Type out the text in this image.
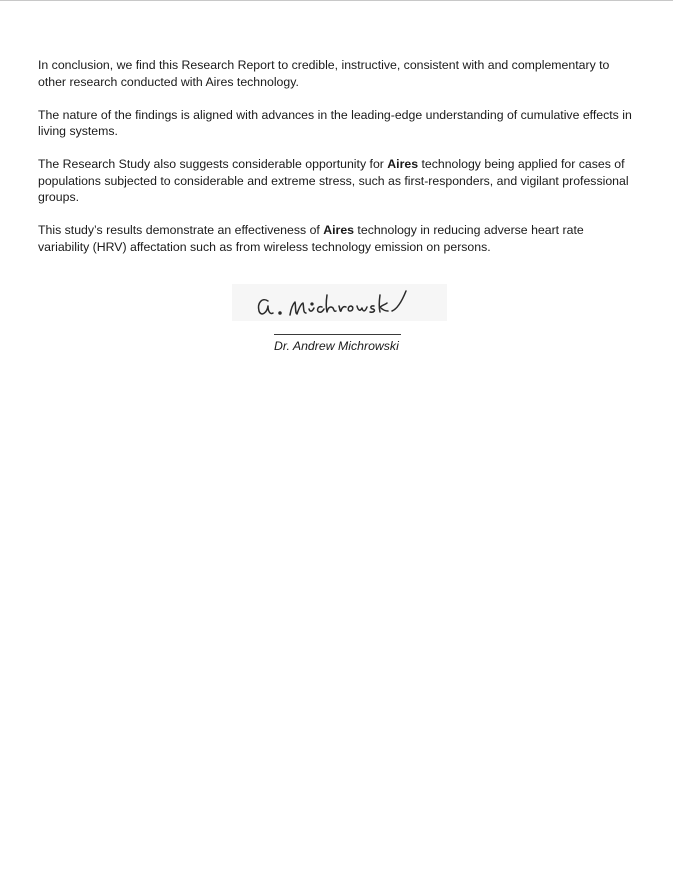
In conclusion, we find this Research Report to credible, instructive, consistent with and complementary to other research conducted with Aires technology.

The nature of the findings is aligned with advances in the leading-edge understanding of cumulative effects in living systems.

The Research Study also suggests considerable opportunity for Aires technology being applied for cases of populations subjected to considerable and extreme stress, such as first-responders, and vigilant professional groups.

This study’s results demonstrate an effectiveness of Aires technology in reducing adverse heart rate variability (HRV) affectation such as from wireless technology emission on persons.

Dr. Andrew Michrowski
